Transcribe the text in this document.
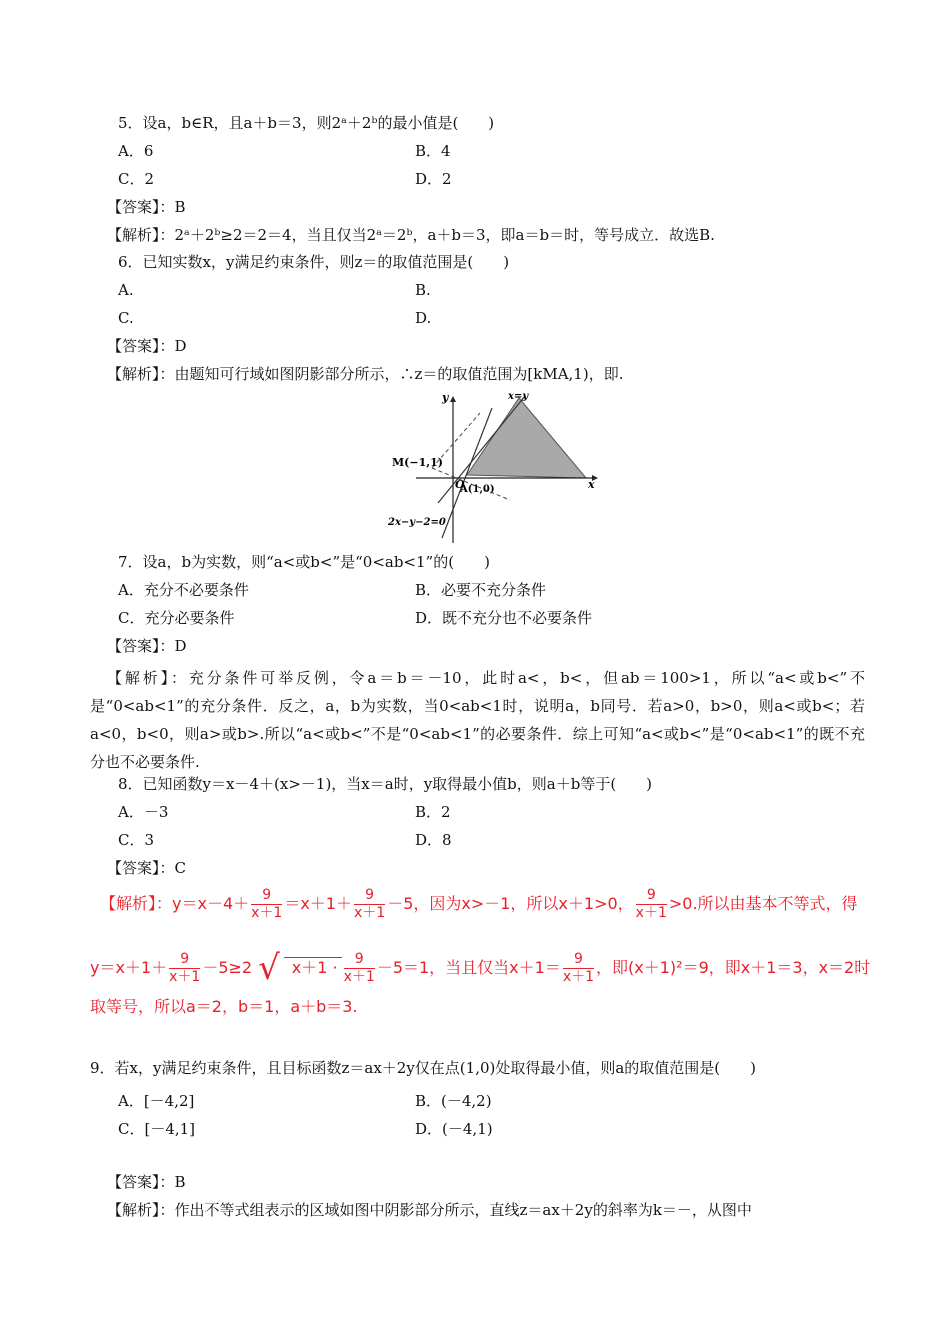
5．设a，b∈R，且a＋b＝3，则2ᵃ＋2ᵇ的最小值是(　　)
A．6	B．4
C．2	D．2
【答案】：B
【解析】：2ᵃ＋2ᵇ≥2＝2＝4，当且仅当2ᵃ＝2ᵇ，a＋b＝3，即a＝b＝时，等号成立．故选B.
6．已知实数x，y满足约束条件，则z＝的取值范围是(　　)
A.	B.
C.	D.
【答案】：D
【解析】：由题知可行域如图阴影部分所示，∴z＝的取值范围为[kMA,1)，即.
y
x
x=y
M(−1,1)
O
A(1,0)
2x−y−2=0
7．设a，b为实数，则“a<或b<”是“0<ab<1”的(　　)
A．充分不必要条件	B．必要不充分条件
C．充分必要条件	D．既不充分也不必要条件
【答案】：D
【解析】：充分条件可举反例，令a＝b＝－10，此时a<，b<，但ab＝100>1，所以“a<或b<”不是“0<ab<1”的充分条件．反之，a，b为实数，当0<ab<1时，说明a，b同号．若a>0，b>0，则a<或b<；若a<0，b<0，则a>或b>.所以“a<或b<”不是“0<ab<1”的必要条件．综上可知“a<或b<”是“0<ab<1”的既不充分也不必要条件.
8．已知函数y＝x－4＋(x>－1)，当x＝a时，y取得最小值b，则a＋b等于(　　)
A．－3	B．2
C．3	D．8
【答案】：C
【解析】：$y=x-4+ \frac{9}{x+1} =x+1+ \frac{9}{x+1} -5$，因为x>－1，所以x＋1>0， $\frac{9}{x+1} >0$.所以由基本不等式，得
$y=x+1+ \frac{9}{x+1} -5\ge 2$ √ $x+1 \cdot \frac{9}{x+1} -5=1$，当且仅当$x+1= \frac{9}{x+1}$ ，即(x＋1)²＝9，即x＋1＝3，x＝2时
取等号，所以a＝2，b＝1，a＋b＝3.
9．若x，y满足约束条件，且目标函数z＝ax＋2y仅在点(1,0)处取得最小值，则a的取值范围是(　　)
A．[－4,2]	B．(－4,2)
C．[－4,1]	D．(－4,1)
【答案】：B
【解析】：作出不等式组表示的区域如图中阴影部分所示，直线z＝ax＋2y的斜率为k＝－，从图中
